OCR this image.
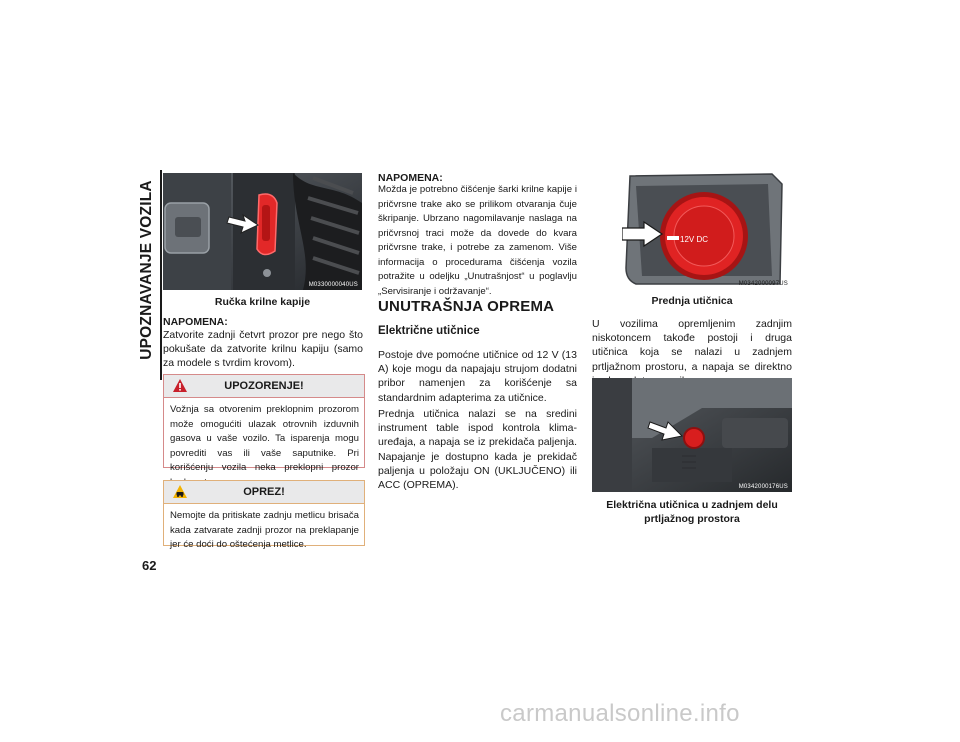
UPOZNAVANJE VOZILA
62
M0330000040US
Ručka krilne kapije
NAPOMENA:
Zatvorite zadnji četvrt prozor pre nego što pokušate da zatvorite krilnu kapiju (samo za modele s tvrdim krovom).
UPOZORENJE!
Vožnja sa otvorenim preklopnim prozorom može omogućiti ulazak otrovnih izduvnih gasova u vaše vozilo. Ta isparenja mogu povrediti vas ili vaše saputnike. Pri korišćenju vozila neka preklopni prozor
OPREZ!
Nemojte da pritiskate zadnju metlicu brisača kada zatvarate zadnji prozor na preklapanje jer će doći do oštećenja metlice.
NAPOMENA:
Možda je potrebno čišćenje šarki krilne kapije i pričvrsne trake ako se prilikom otvaranja čuje škripanje. Ubrzano nagomilavanje naslaga na pričvrsnoj traci može da dovede do kvara pričvrsne trake, i potrebe za zamenom. Više informacija o procedurama čišćenja vozila potražite u odeljku „Unutrašnjost“ u poglavlju „Servisiranje i održavanje“.
UNUTRAŠNJA OPREMA
Električne utičnice
Postoje dve pomoćne utičnice od 12 V (13 A) koje mogu da napajaju strujom dodatni pribor namenjen za korišćenje sa standardnim adapterima za utičnice.
Prednja utičnica nalazi se na sredini instrument table ispod kontrola klima-uređaja, a napaja se iz prekidača paljenja. Napajanje je dostupno kada je prekidač paljenja u položaju ON (UKLJUČENO) ili ACC (OPREMA).
12V DC
M0342000097US
Prednja utičnica
U vozilima opremljenim zadnjim niskotoncem takođe postoji i druga utičnica koja se nalazi u zadnjem prtljažnom prostoru, a napaja se direktno
M0342000176US
Električna utičnica u zadnjem delu
prtljažnog prostora
carmanualsonline.info
